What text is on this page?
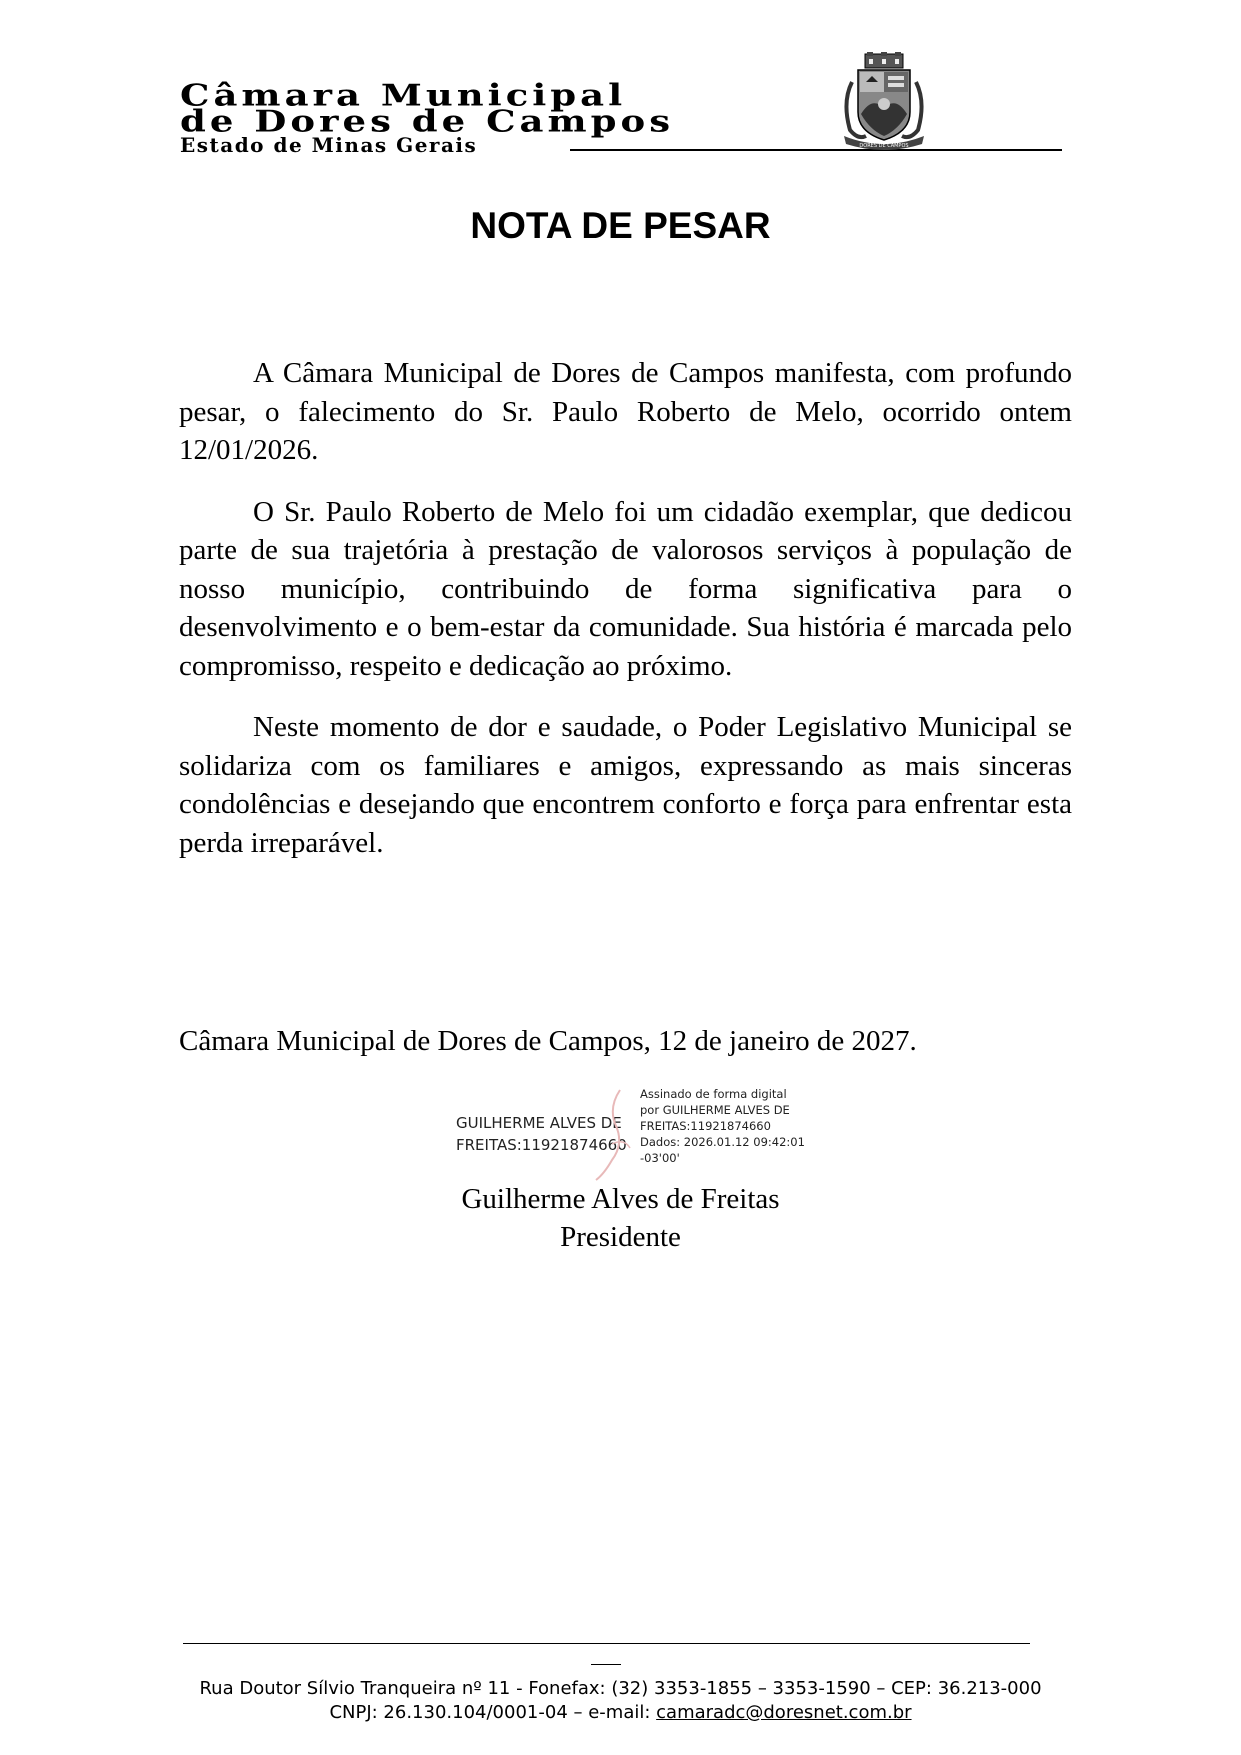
Câmara Municipal
de Dores de Campos
Estado de Minas Gerais	DORES DE CAMPOS
NOTA DE PESAR

A Câmara Municipal de Dores de Campos manifesta, com profundo pesar, o falecimento do Sr. Paulo Roberto de Melo, ocorrido ontem 12/01/2026.

O Sr. Paulo Roberto de Melo foi um cidadão exemplar, que dedicou parte de sua trajetória à prestação de valorosos serviços à população de nosso município, contribuindo de forma significativa para o desenvolvimento e o bem-estar da comunidade. Sua história é marcada pelo compromisso, respeito e dedicação ao próximo.

Neste momento de dor e saudade, o Poder Legislativo Municipal se solidariza com os familiares e amigos, expressando as mais sinceras condolências e desejando que encontrem conforto e força para enfrentar esta perda irreparável.

Câmara Municipal de Dores de Campos, 12 de janeiro de 2027.
GUILHERME ALVES DE
FREITAS:11921874660
Assinado de forma digital
por GUILHERME ALVES DE
FREITAS:11921874660
Dados: 2026.01.12 09:42:01
-03'00'
Guilherme Alves de Freitas
Presidente
Rua Doutor Sílvio Tranqueira nº 11 - Fonefax: (32) 3353-1855 – 3353-1590 – CEP: 36.213-000
CNPJ: 26.130.104/0001-04 – e-mail: camaradc@doresnet.com.br
